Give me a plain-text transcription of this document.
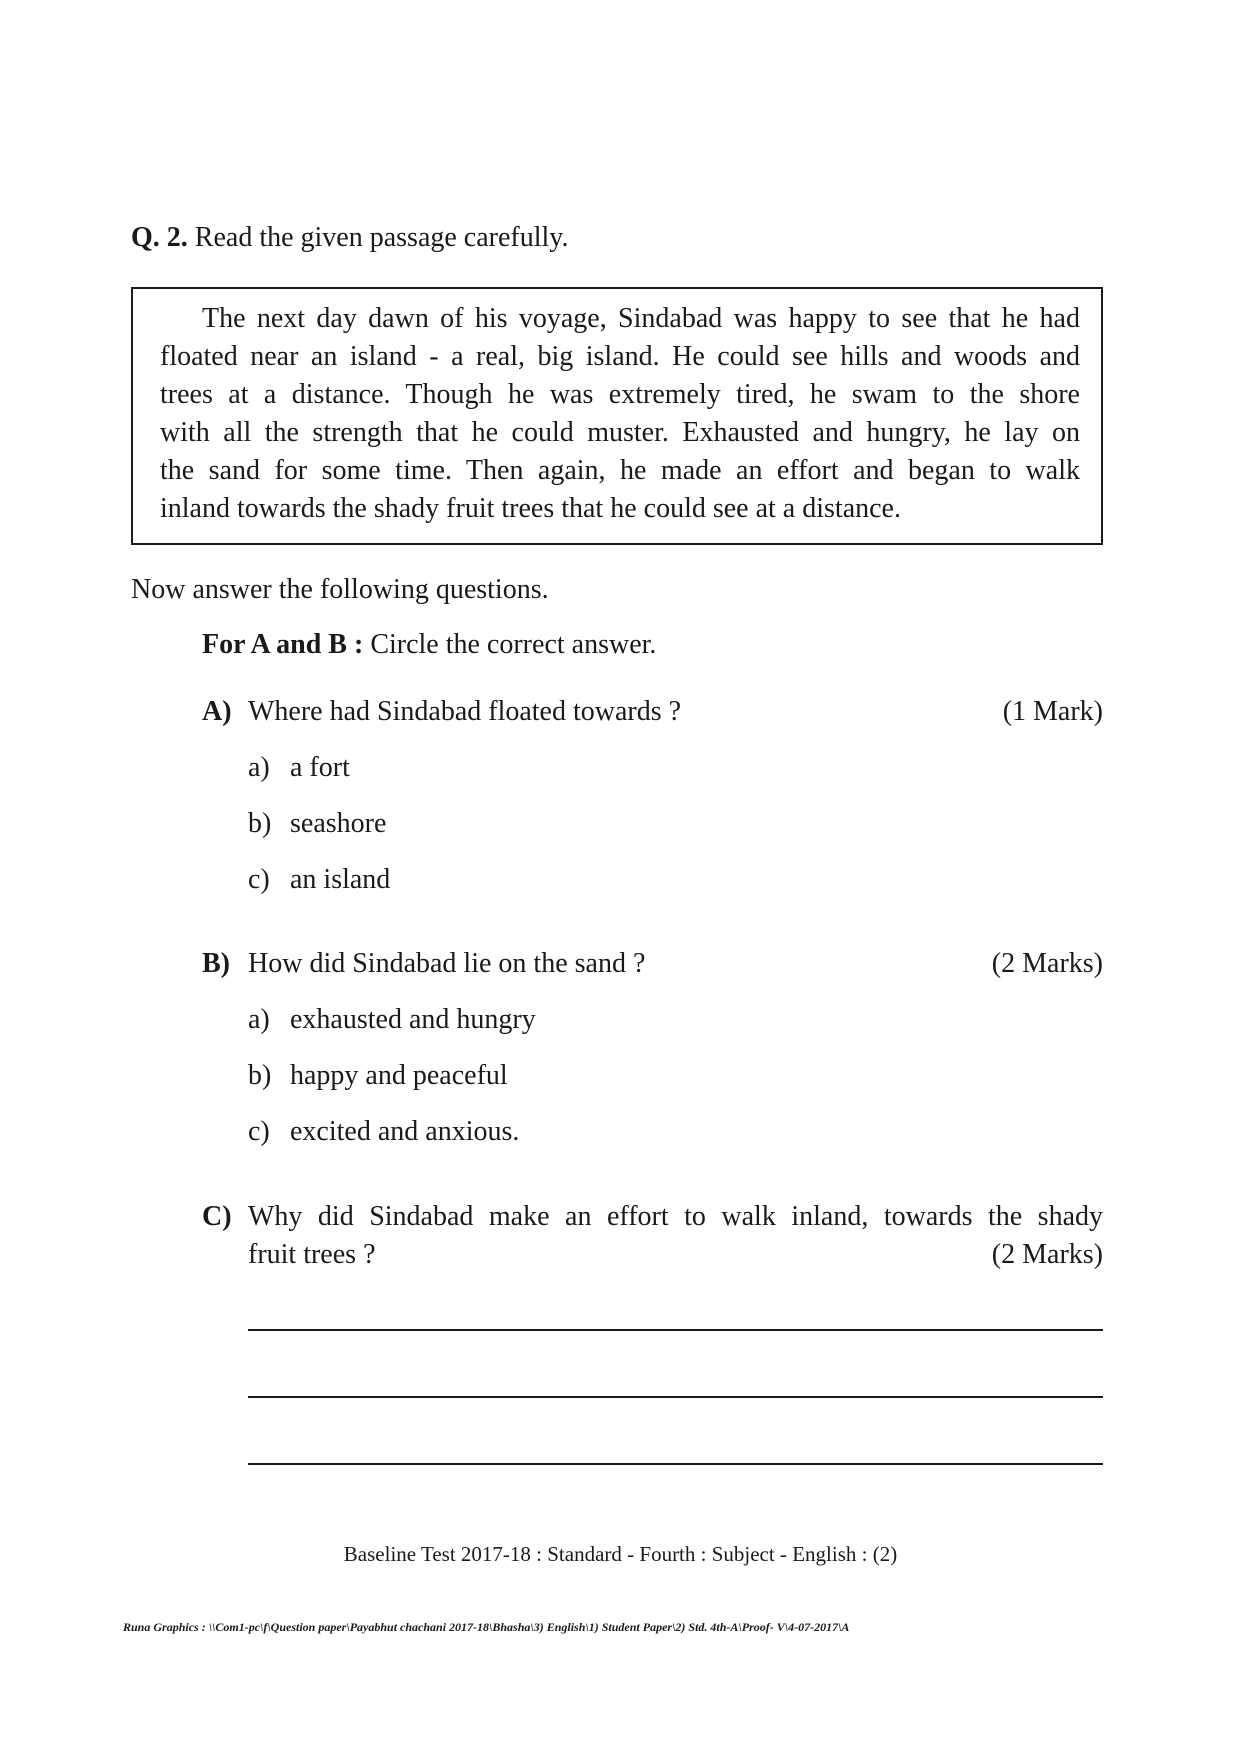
Q. 2. Read the given passage carefully.
The next day dawn of his voyage, Sindabad was happy to see that he had
floated near an island - a real, big island. He could see hills and woods and
trees at a distance. Though he was extremely tired, he swam to the shore
with all the strength that he could muster. Exhausted and hungry, he lay on
the sand for some time. Then again, he made an effort and began to walk
inland towards the shady fruit trees that he could see at a distance.
Now answer the following questions.
For A and B : Circle the correct answer.
A) Where had Sindabad floated towards ?	(1 Mark)
a) a fort
b) seashore
c) an island
B) How did Sindabad lie on the sand ?	(2 Marks)
a) exhausted and hungry
b) happy and peaceful
c) excited and anxious.
C) Why did Sindabad make an effort to walk inland, towards the shady
fruit trees ?	(2 Marks)
Baseline Test 2017-18 : Standard - Fourth : Subject - English : (2)
Runa Graphics : \\Com1-pc\f\Question paper\Payabhut chachani 2017-18\Bhasha\3) English\1) Student Paper\2) Std. 4th-A\Proof- V\4-07-2017\A
